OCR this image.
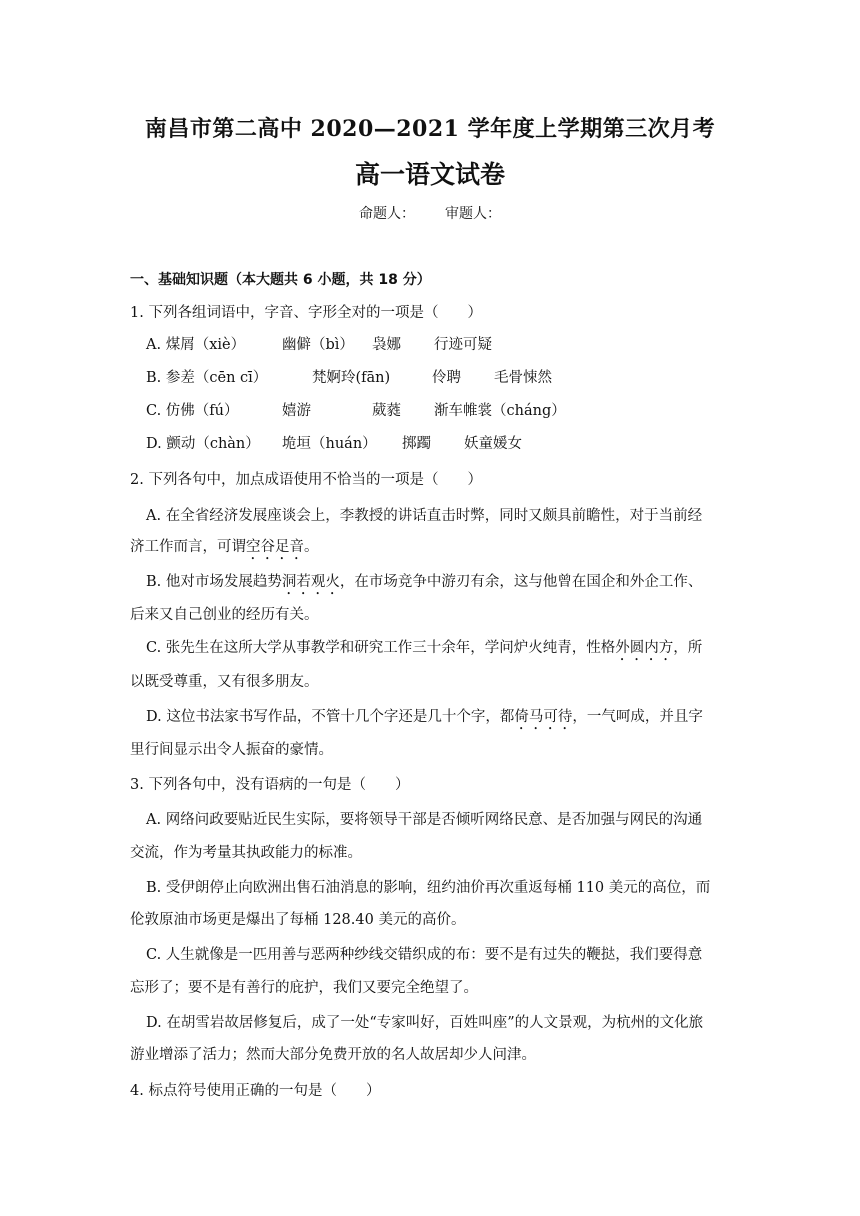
南昌市第二高中 2020—2021 学年度上学期第三次月考
高一语文试卷
命题人： 审题人：
一、基础知识题（本大题共 6 小题，共 18 分）
1. 下列各组词语中，字音、字形全对的一项是（　　）
A. 煤屑（xiè）	幽僻（bì） 袅娜 行迹可疑
B. 参差（cēn cī）	梵婀玲(fān)	伶聘 毛骨悚然
C. 仿佛（fú）	嬉游	葳蕤 渐车帷裳（cháng）
D. 颤动（chàn） 垝垣（huán） 掷躅 妖童媛女
2. 下列各句中，加点成语使用不恰当的一项是（　　）
A. 在全省经济发展座谈会上，李教授的讲话直击时弊，同时又颇具前瞻性，对于当前经
济工作而言，可谓空谷足音。
B. 他对市场发展趋势洞若观火，在市场竞争中游刃有余，这与他曾在国企和外企工作、
后来又自己创业的经历有关。
C. 张先生在这所大学从事教学和研究工作三十余年，学问炉火纯青，性格外圆内方，所
以既受尊重，又有很多朋友。
D. 这位书法家书写作品，不管十几个字还是几十个字，都倚马可待，一气呵成，并且字
里行间显示出令人振奋的豪情。
3. 下列各句中，没有语病的一句是（　　）
A. 网络问政要贴近民生实际，要将领导干部是否倾听网络民意、是否加强与网民的沟通
交流，作为考量其执政能力的标准。
B. 受伊朗停止向欧洲出售石油消息的影响，纽约油价再次重返每桶 110 美元的高位，而
伦敦原油市场更是爆出了每桶 128.40 美元的高价。
C. 人生就像是一匹用善与恶两种纱线交错织成的布：要不是有过失的鞭挞，我们要得意
忘形了；要不是有善行的庇护，我们又要完全绝望了。
D. 在胡雪岩故居修复后，成了一处“专家叫好，百姓叫座”的人文景观，为杭州的文化旅
游业增添了活力；然而大部分免费开放的名人故居却少人问津。
4. 标点符号使用正确的一句是（　　）
